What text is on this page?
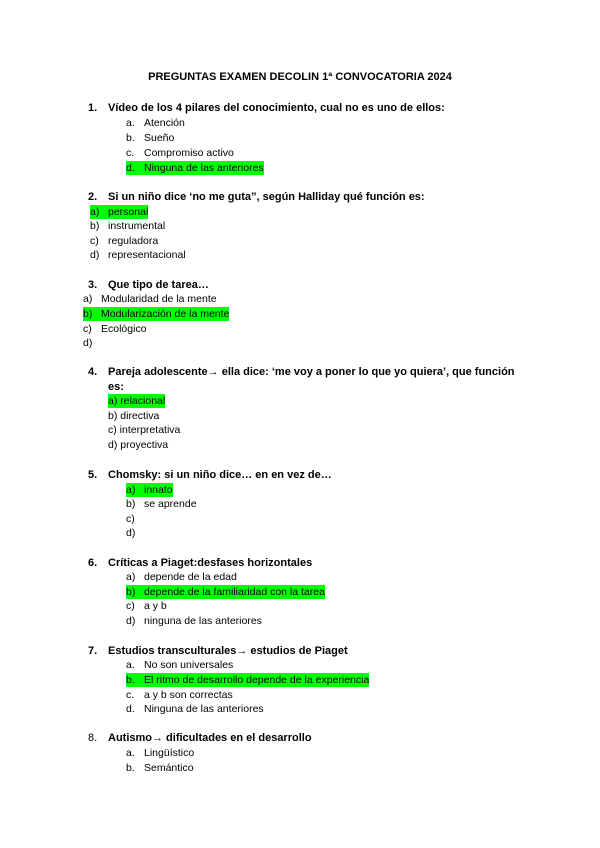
PREGUNTAS EXAMEN DECOLIN 1ª CONVOCATORIA 2024
1. Vídeo de los 4 pilares del conocimiento, cual no es uno de ellos:
a. Atención
b. Sueño
c. Compromiso activo
d. Ninguna de las anteriores
2. Si un niño dice ‘no me guta”, según Halliday qué función es:
a) personal
b) instrumental
c) reguladora
d) representacional
3. Que tipo de tarea…
a) Modularidad de la mente
b) Modularización de la mente
c) Ecológico
d)
4. Pareja adolescente→ ella dice: ‘me voy a poner lo que yo quiera’, que función
es:
a) relacional
b) directiva
c) interpretativa
d) proyectiva
5. Chomsky: si un niño dice… en en vez de…
a) innato
b) se aprende
c)
d)
6. Críticas a Piaget:desfases horizontales
a) depende de la edad
b) depende de la familiaridad con la tarea
c) a y b
d) ninguna de las anteriores
7. Estudios transculturales→ estudios de Piaget
a. No son universales
b. El ritmo de desarrollo depende de la experiencia
c. a y b son correctas
d. Ninguna de las anteriores
8. Autismo→ dificultades en el desarrollo
a. Lingüístico
b. Semántico
